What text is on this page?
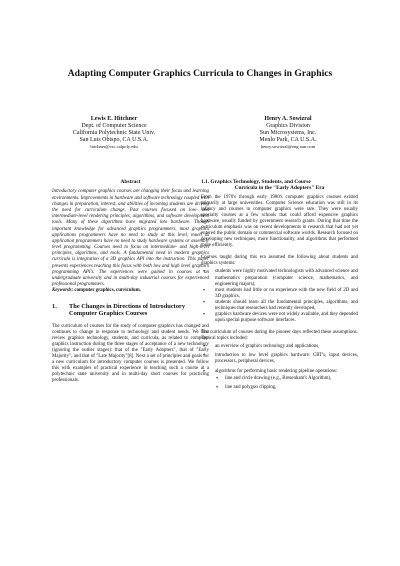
Adapting Computer Graphics Curricula to Changes in Graphics
Lewis E. Hitchner
Dept. of Computer Science
California Polytechnic State Univ.
San Luis Obispo, CA U.S.A.
hitchner@csc.calpoly.edu
Henry A. Sowizral
Graphics Division
Sun Microsystems, Inc.
Menlo Park, CA U.S.A.
henry.sowizral@eng.sun.com
Abstract
Introductory computer graphics courses are changing their focus and learning environments. Improvements in hardware and software technology coupled with changes in preparation, interest, and abilities of incoming students are driving the need for curriculum change. Past courses focused on low- and intermediate-level rendering principles, algorithms, and software development tools. Many of these algorithms have migrated into hardware. Though important knowledge for advanced graphics programmers, most graphics applications programmers have no need to study at this level, much as application programmers have no need to study hardware systems or assembly level programming. Courses need to focus on intermediate- and high-level principles, algorithms, and tools. A fundamental need in modern graphics curricula is integration of a 3D graphics API into the instruction. This paper presents experiences teaching this focus with both low and high level graphics programming API's. The experiences were gained in courses at an undergraduate university and in multi-day industrial courses for experienced professional programmers.
Keywords: computer graphics, curriculum.
1.	The Changes in Directions of Introductory Computer Graphics Courses

The curriculum of courses for the study of computer graphics has changed and continues to change in response to technology and student needs. We first review graphics technology, students, and curricula, as related to computer graphics instruction during the three stages of acceptance of a new technology (ignoring the outlier stages): that of the "Early Adopters", that of "Early Majority", and that of "Late Majority"[8]. Next a set of principles and goals for a new curriculum for introductory computer courses is presented. We follow this with examples of practical experience in teaching such a course at a polytechnic state university and in multi-day short courses for practicing professionals.

1.1. Graphics Technology, Students, and Course
Curricula in the "Early Adopters" Era

From the 1970's through early 1980's computer graphics courses existed primarily at large universities. Computer Science education was still in its infancy and courses in computer graphics were rare. They were usually specialty courses at a few schools that could afford expensive graphics hardware, usually funded by government research grants. During that time the curriculum emphasis was on recent developments in research that had not yet entered the public domain or commercial software worlds. Research focused on developing new techniques, more functionality, and algorithms that performed more efficiently.

Courses taught during this era assumed the following about students and graphics systems:

• students were highly motivated technologists with advanced science and mathematics preparation (computer science, mathematics, and engineering majors),
• most students had little or no experience with the new field of 2D and 3D graphics,
• students should learn all the fundamental principles, algorithms, and techniques that researchers had recently developed,
• graphics hardware devices were not widely available, and they depended upon special purpose software interfaces.

The curriculum of courses during the pioneer days reflected these assumptions. Typical topics included:

• an overview of graphics technology and applications,
• introduction to low level graphics hardware: CRT's, input devices, processors, peripheral devices,
• algorithms for performing basic rendering pipeline operations:
• line and circle drawing (e.g., Bresenham's Algorithm),
• line and polygon clipping,
